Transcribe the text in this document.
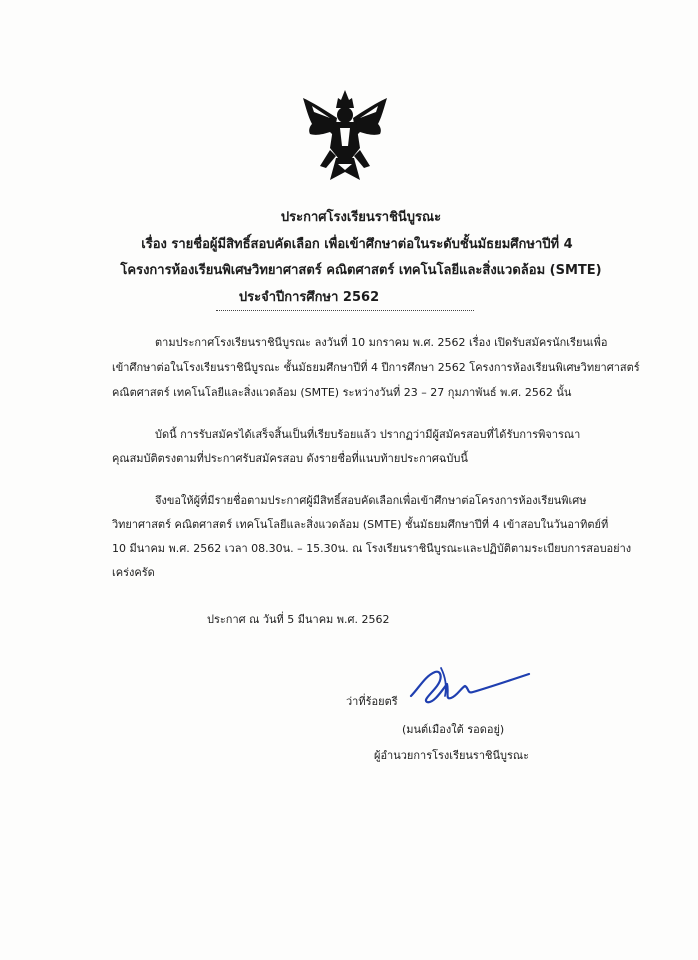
ประกาศโรงเรียนราชินีบูรณะ
เรื่อง รายชื่อผู้มีสิทธิ์สอบคัดเลือก เพื่อเข้าศึกษาต่อในระดับชั้นมัธยมศึกษาปีที่ 4
โครงการห้องเรียนพิเศษวิทยาศาสตร์ คณิตศาสตร์ เทคโนโลยีและสิ่งแวดล้อม (SMTE)
ประจำปีการศึกษา 2562
ตามประกาศโรงเรียนราชินีบูรณะ ลงวันที่ 10 มกราคม พ.ศ. 2562 เรื่อง เปิดรับสมัครนักเรียนเพื่อ
เข้าศึกษาต่อในโรงเรียนราชินีบูรณะ ชั้นมัธยมศึกษาปีที่ 4 ปีการศึกษา 2562 โครงการห้องเรียนพิเศษวิทยาศาสตร์
คณิตศาสตร์ เทคโนโลยีและสิ่งแวดล้อม (SMTE) ระหว่างวันที่ 23 – 27 กุมภาพันธ์ พ.ศ. 2562 นั้น
บัดนี้ การรับสมัครได้เสร็จสิ้นเป็นที่เรียบร้อยแล้ว ปรากฏว่ามีผู้สมัครสอบที่ได้รับการพิจารณา
คุณสมบัติตรงตามที่ประกาศรับสมัครสอบ ดังรายชื่อที่แนบท้ายประกาศฉบับนี้
จึงขอให้ผู้ที่มีรายชื่อตามประกาศผู้มีสิทธิ์สอบคัดเลือกเพื่อเข้าศึกษาต่อโครงการห้องเรียนพิเศษ
วิทยาศาสตร์ คณิตศาสตร์ เทคโนโลยีและสิ่งแวดล้อม (SMTE) ชั้นมัธยมศึกษาปีที่ 4 เข้าสอบในวันอาทิตย์ที่
10 มีนาคม พ.ศ. 2562 เวลา 08.30น. – 15.30น. ณ โรงเรียนราชินีบูรณะและปฏิบัติตามระเบียบการสอบอย่าง
เคร่งครัด
ประกาศ ณ วันที่ 5 มีนาคม พ.ศ. 2562
ว่าที่ร้อยตรี
(มนต์เมืองใต้ รอดอยู่)
ผู้อำนวยการโรงเรียนราชินีบูรณะ
